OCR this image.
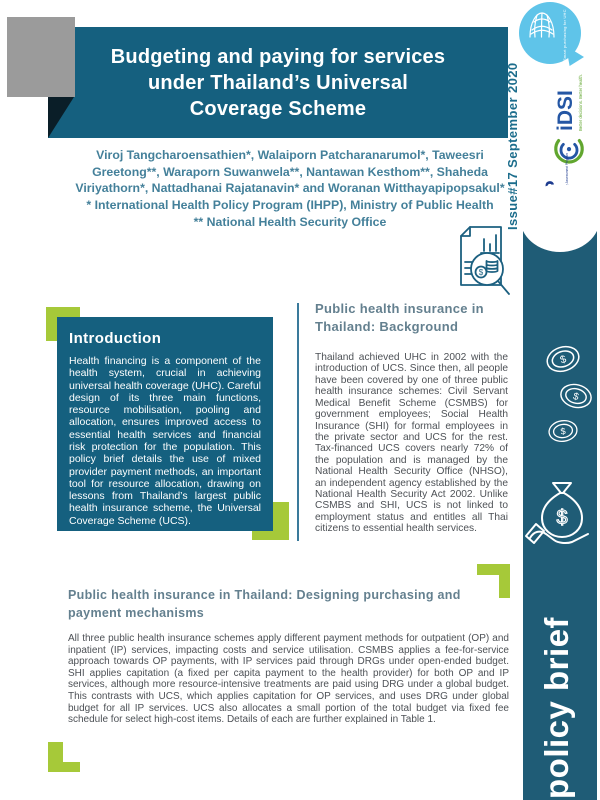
Budgeting and paying for services
under Thailand’s Universal
Coverage Scheme
Viroj Tangcharoensathien*, Walaiporn Patcharanarumol*, Taweesri
Greetong**, Waraporn Suwanwela**, Nantawan Kesthom**, Shaheda
Viriyathorn*, Nattadhanai Rajatanavin* and Woranan Witthayapipopsakul*
* International Health Policy Program (IHPP), Ministry of Public Health
** National Health Security Office
$
Smart purchasing for UHC
Issue#17 September 2020 iDSI Better decisions. Better health.
$
$
$
$
policy brief
Introduction
Health financing is a component of the health system, crucial in achieving universal health coverage (UHC). Careful design of its three main functions, resource mobilisation, pooling and allocation, ensures improved access to essential health services and financial risk protection for the population. This policy brief details the use of mixed provider payment methods, an important tool for resource allocation, drawing on lessons from Thailand’s largest public health insurance scheme, the Universal Coverage Scheme (UCS).
Public health insurance in
Thailand: Background
Thailand achieved UHC in 2002 with the introduction of UCS. Since then, all people have been covered by one of three public health insurance schemes: Civil Servant Medical Benefit Scheme (CSMBS) for government employees; Social Health Insurance (SHI) for formal employees in the private sector and UCS for the rest. Tax-financed UCS covers nearly 72% of the population and is managed by the National Health Security Office (NHSO), an independent agency established by the National Health Security Act 2002. Unlike CSMBS and SHI, UCS is not linked to employment status and entitles all Thai citizens to essential health services.
Public health insurance in Thailand: Designing purchasing and
payment mechanisms
All three public health insurance schemes apply different payment methods for outpatient (OP) and inpatient (IP) services, impacting costs and service utilisation. CSMBS applies a fee-for-service approach towards OP payments, with IP services paid through DRGs under open-ended budget. SHI applies capitation (a fixed per capita payment to the health provider) for both OP and IP services, although more resource-intensive treatments are paid using DRG under a global budget. This contrasts with UCS, which applies capitation for OP services, and uses DRG under global budget for all IP services. UCS also allocates a small portion of the total budget via fixed fee schedule for select high-cost items. Details of each are further explained in Table 1.
